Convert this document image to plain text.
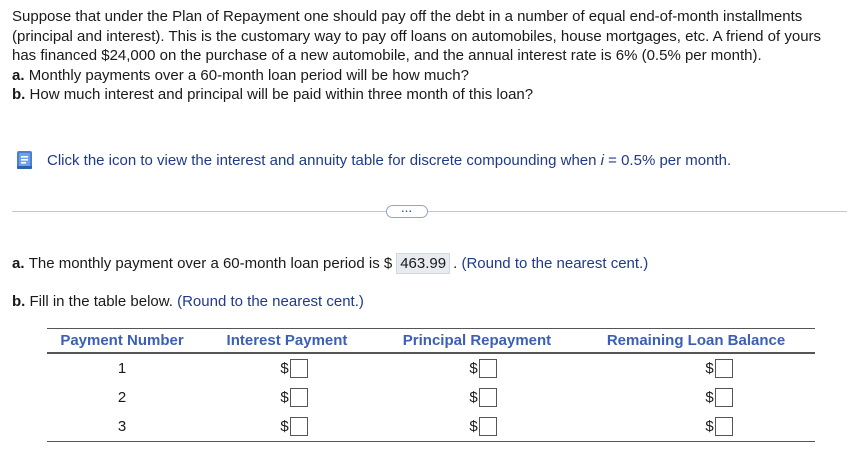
Suppose that under the Plan of Repayment one should pay off the debt in a number of equal end-of-month installments (principal and interest). This is the customary way to pay off loans on automobiles, house mortgages, etc. A friend of yours has financed $24,000 on the purchase of a new automobile, and the annual interest rate is 6% (0.5% per month).

a. Monthly payments over a 60-month loan period will be how much?

b. How much interest and principal will be paid within three month of this loan?

Click the icon to view the interest and annuity table for discrete compounding when i = 0.5% per month.
...
a.
The monthly payment over a 60-month loan period is $ 463.99 .
(Round to the nearest cent.)
b. Fill in the table below. (Round to the nearest cent.)
Payment Number	Interest Payment	Principal Repayment	Remaining Loan Balance
1	$	$	$
2	$	$	$
3	$	$	$
